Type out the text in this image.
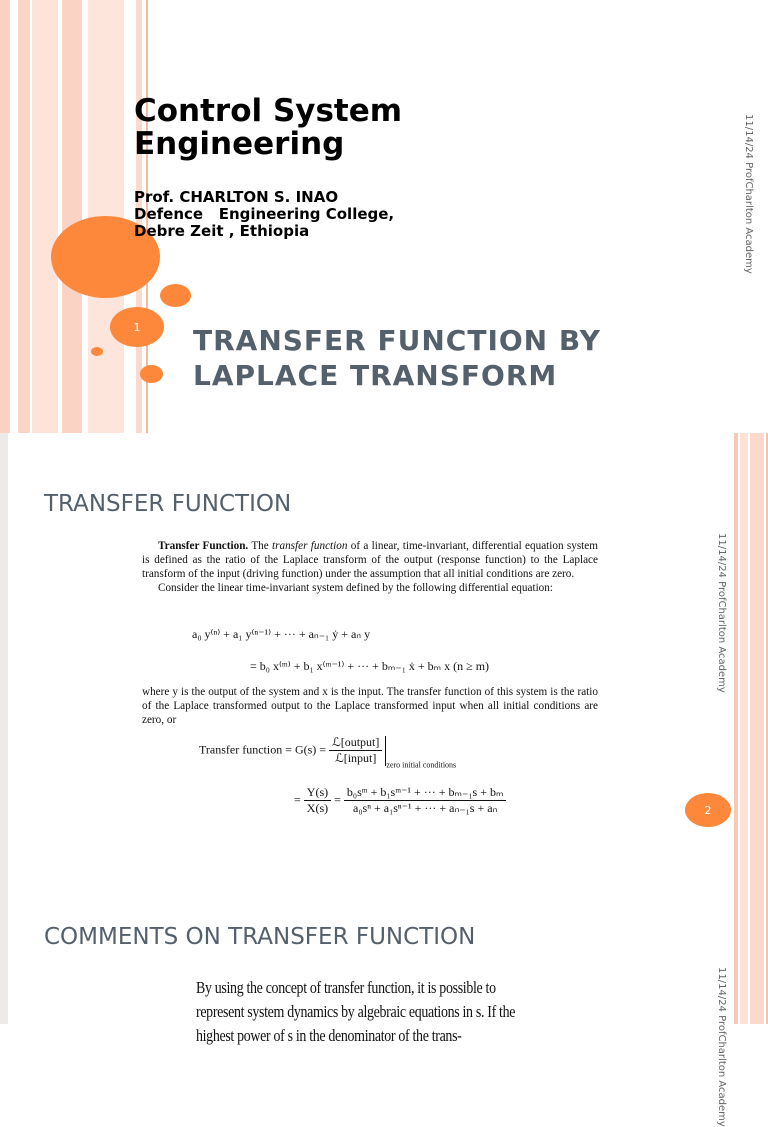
1
Control System Engineering
Prof. CHARLTON S. INAO
Defence   Engineering College,
Debre Zeit , Ethiopia
TRANSFER FUNCTION BY LAPLACE TRANSFORM
11/14/24 ProfCharlton Academy
TRANSFER FUNCTION

Transfer Function. The transfer function of a linear, time-invariant, differential equation system is defined as the ratio of the Laplace transform of the output (response function) to the Laplace transform of the input (driving function) under the assumption that all initial conditions are zero.

Consider the linear time-invariant system defined by the following differential equation:

a₀ y⁽ⁿ⁾ + a₁ y⁽ⁿ⁻¹⁾ + ··· + aₙ₋₁ ẏ + aₙ y
= b₀ x⁽ᵐ⁾ + b₁ x⁽ᵐ⁻¹⁾ + ··· + bₘ₋₁ ẋ + bₘ x (n ≥ m)

where y is the output of the system and x is the input. The transfer function of this system is the ratio of the Laplace transformed output to the Laplace transformed input when all initial conditions are zero, or

Transfer function = $G(s) = \frac{\text{ℒ[output]}}{\text{ℒ[input]}} _{zero initial conditions}$
= $\frac{Y(s)}{X(s)} = \frac{\text{b₀sᵐ + b₁sᵐ⁻¹ + ··· + bₘ₋₁s + bₘ}}{\text{a₀sⁿ + a₁sⁿ⁻¹ + ··· + aₙ₋₁s + aₙ}}$	2
11/14/24 ProfCharlton Academy
COMMENTS ON TRANSFER FUNCTION
By using the concept of transfer function, it is possible to represent system dynamics by algebraic equations in s. If the highest power of s in the denominator of the trans-	11/14/24 ProfCharlton Academy
